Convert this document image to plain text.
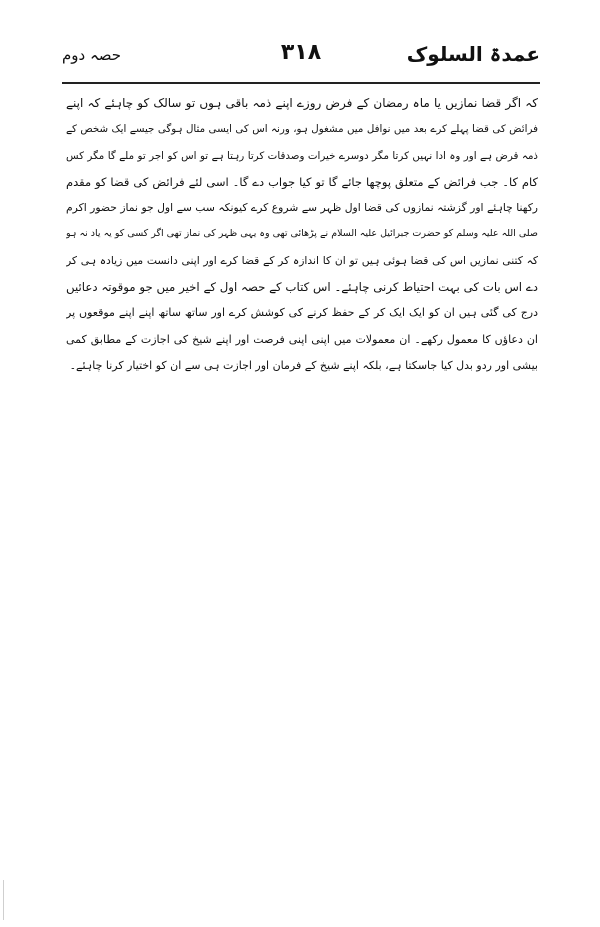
حصہ دوم	۳۱۸	عمدۃ السلوک
کہ اگر قضا نمازیں یا ماہ رمضان کے فرض روزے اپنے ذمہ باقی ہوں تو سالک کو چاہئے کہ اپنے
فرائض کی قضا پہلے کرے بعد میں نوافل میں مشغول ہو، ورنہ اس کی ایسی مثال ہوگی جیسے ایک شخص کے
ذمہ قرض ہے اور وہ ادا نہیں کرتا مگر دوسرے خیرات وصدقات کرتا رہتا ہے تو اس کو اجر تو ملے گا مگر کس
کام کا۔ جب فرائض کے متعلق پوچھا جائے گا تو کیا جواب دے گا۔ اسی لئے فرائض کی قضا کو مقدم
رکھنا چاہئے اور گزشتہ نمازوں کی قضا اول ظہر سے شروع کرے کیونکہ سب سے اول جو نماز حضور اکرم
صلی اللہ علیہ وسلم کو حضرت جبرائیل علیہ السلام نے پڑھائی تھی وہ یہی ظہر کی نماز تھی اگر کسی کو یہ یاد نہ ہو
کہ کتنی نمازیں اس کی قضا ہوئی ہیں تو ان کا اندازہ کر کے قضا کرے اور اپنی دانست میں زیادہ ہی کر
دے اس بات کی بہت احتیاط کرنی چاہئے۔ اس کتاب کے حصہ اول کے اخیر میں جو موقوتہ دعائیں
درج کی گئی ہیں ان کو ایک ایک کر کے حفظ کرنے کی کوشش کرے اور ساتھ ساتھ اپنے اپنے موقعوں پر
ان دعاؤں کا معمول رکھے۔ ان معمولات میں اپنی اپنی فرصت اور اپنے شیخ کی اجازت کے مطابق کمی
بیشی اور ردو بدل کیا جاسکتا ہے، بلکہ اپنے شیخ کے فرمان اور اجازت ہی سے ان کو اختیار کرنا چاہئے۔
